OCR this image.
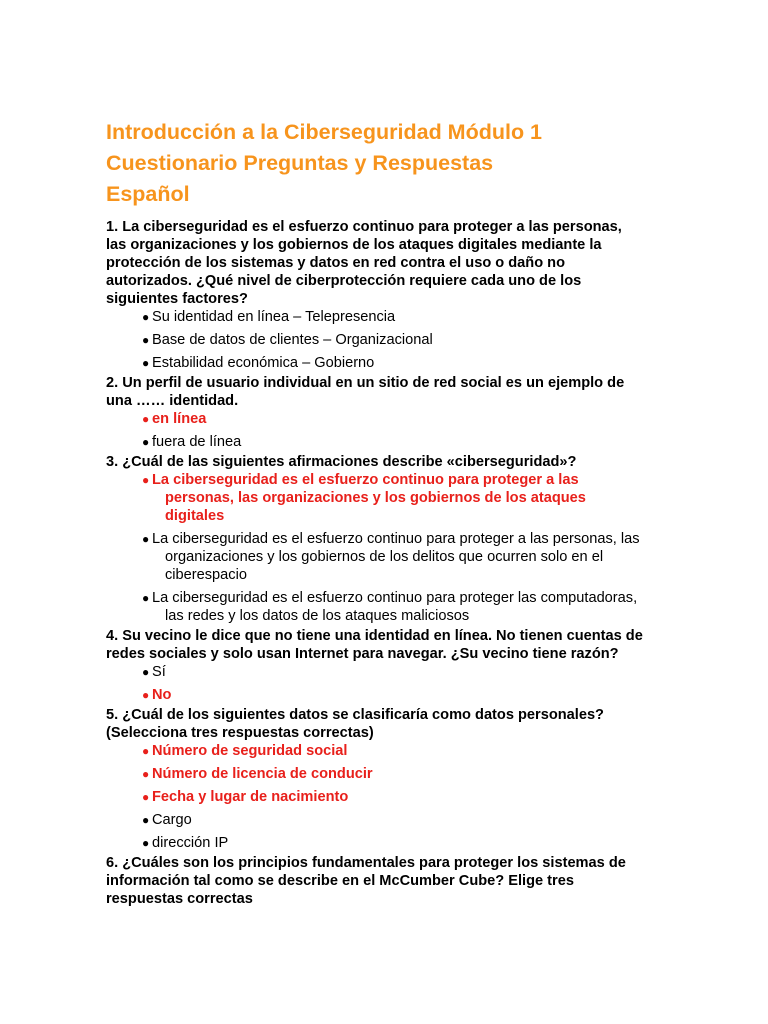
Introducción a la Ciberseguridad Módulo 1
Cuestionario Preguntas y Respuestas
Español

1. La ciberseguridad es el esfuerzo continuo para proteger a las personas,
las organizaciones y los gobiernos de los ataques digitales mediante la
protección de los sistemas y datos en red contra el uso o daño no
autorizados. ¿Qué nivel de ciberprotección requiere cada uno de los
siguientes factores?

● Su identidad en línea – Telepresencia
● Base de datos de clientes – Organizacional
● Estabilidad económica – Gobierno

2. Un perfil de usuario individual en un sitio de red social es un ejemplo de
una …… identidad.

● en línea
● fuera de línea

3. ¿Cuál de las siguientes afirmaciones describe «ciberseguridad»?

● La ciberseguridad es el esfuerzo continuo para proteger a las
personas, las organizaciones y los gobiernos de los ataques
digitales
● La ciberseguridad es el esfuerzo continuo para proteger a las personas, las
organizaciones y los gobiernos de los delitos que ocurren solo en el
ciberespacio
● La ciberseguridad es el esfuerzo continuo para proteger las computadoras,
las redes y los datos de los ataques maliciosos

4. Su vecino le dice que no tiene una identidad en línea. No tienen cuentas de
redes sociales y solo usan Internet para navegar. ¿Su vecino tiene razón?

● Sí
● No

5. ¿Cuál de los siguientes datos se clasificaría como datos personales?
(Selecciona tres respuestas correctas)

● Número de seguridad social
● Número de licencia de conducir
● Fecha y lugar de nacimiento
● Cargo
● dirección IP

6. ¿Cuáles son los principios fundamentales para proteger los sistemas de
información tal como se describe en el McCumber Cube? Elige tres
respuestas correctas
